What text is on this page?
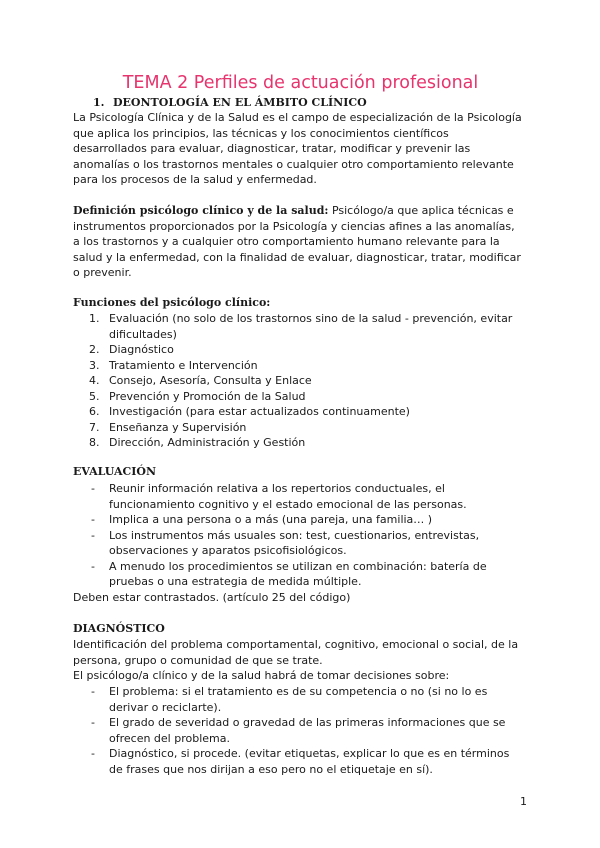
TEMA 2 Perfiles de actuación profesional
1. DEONTOLOGÍA EN EL ÁMBITO CLÍNICO
La Psicología Clínica y de la Salud es el campo de especialización de la Psicología
que aplica los principios, las técnicas y los conocimientos científicos
desarrollados para evaluar, diagnosticar, tratar, modificar y prevenir las
anomalías o los trastornos mentales o cualquier otro comportamiento relevante
para los procesos de la salud y enfermedad.
Definición psicólogo clínico y de la salud: Psicólogo/a que aplica técnicas e
instrumentos proporcionados por la Psicología y ciencias afines a las anomalías,
a los trastornos y a cualquier otro comportamiento humano relevante para la
salud y la enfermedad, con la finalidad de evaluar, diagnosticar, tratar, modificar
o prevenir.
Funciones del psicólogo clínico:
1. Evaluación (no solo de los trastornos sino de la salud - prevención, evitar
dificultades)
2. Diagnóstico
3. Tratamiento e Intervención
4. Consejo, Asesoría, Consulta y Enlace
5. Prevención y Promoción de la Salud
6. Investigación (para estar actualizados continuamente)
7. Enseñanza y Supervisión
8. Dirección, Administración y Gestión
EVALUACIÓN
- Reunir información relativa a los repertorios conductuales, el
funcionamiento cognitivo y el estado emocional de las personas.
- Implica a una persona o a más (una pareja, una familia… )
- Los instrumentos más usuales son: test, cuestionarios, entrevistas,
observaciones y aparatos psicofisiológicos.
- A menudo los procedimientos se utilizan en combinación: batería de
pruebas o una estrategia de medida múltiple.
Deben estar contrastados. (artículo 25 del código)
DIAGNÓSTICO
Identificación del problema comportamental, cognitivo, emocional o social, de la
persona, grupo o comunidad de que se trate.
El psicólogo/a clínico y de la salud habrá de tomar decisiones sobre:
- El problema: si el tratamiento es de su competencia o no (si no lo es
derivar o reciclarte).
- El grado de severidad o gravedad de las primeras informaciones que se
ofrecen del problema.
- Diagnóstico, si procede. (evitar etiquetas, explicar lo que es en términos
de frases que nos dirijan a eso pero no el etiquetaje en sí).
1
